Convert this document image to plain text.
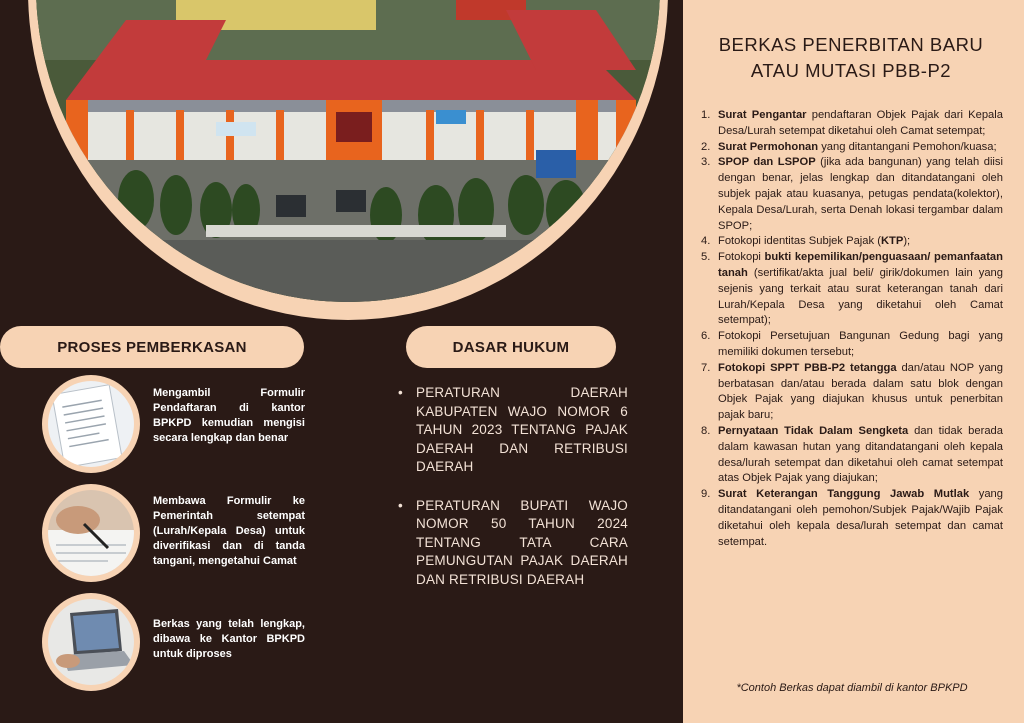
PROSES PEMBERKASAN	DASAR HUKUM
Mengambil Formulir Pendaftaran di kantor BPKPD kemudian mengisi secara lengkap dan benar
Membawa Formulir ke Pemerintah setempat (Lurah/Kepala Desa) untuk diverifikasi dan di tanda tangani, mengetahui Camat
Berkas yang telah lengkap, dibawa ke Kantor BPKPD untuk diproses
• PERATURAN DAERAH KABUPATEN WAJO NOMOR 6 TAHUN 2023 TENTANG PAJAK DAERAH DAN RETRIBUSI DAERAH
• PERATURAN BUPATI WAJO NOMOR 50 TAHUN 2024 TENTANG TATA CARA PEMUNGUTAN PAJAK DAERAH DAN RETRIBUSI DAERAH
BERKAS PENERBITAN BARU ATAU MUTASI PBB-P2
1. Surat Pengantar pendaftaran Objek Pajak dari Kepala Desa/Lurah setempat diketahui oleh Camat setempat;
2. Surat Permohonan yang ditantangani Pemohon/kuasa;
3. SPOP dan LSPOP (jika ada bangunan) yang telah diisi dengan benar, jelas lengkap dan ditandatangani oleh subjek pajak atau kuasanya, petugas pendata(kolektor), Kepala Desa/Lurah, serta Denah lokasi tergambar dalam SPOP;
4. Fotokopi identitas Subjek Pajak (KTP);
5. Fotokopi bukti kepemilikan/penguasaan/ pemanfaatan tanah (sertifikat/akta jual beli/ girik/dokumen lain yang sejenis yang terkait atau surat keterangan tanah dari Lurah/Kepala Desa yang diketahui oleh Camat setempat);
6. Fotokopi Persetujuan Bangunan Gedung bagi yang memiliki dokumen tersebut;
7. Fotokopi SPPT PBB-P2 tetangga dan/atau NOP yang berbatasan dan/atau berada dalam satu blok dengan Objek Pajak yang diajukan khusus untuk penerbitan pajak baru;
8. Pernyataan Tidak Dalam Sengketa dan tidak berada dalam kawasan hutan yang ditandatangani oleh kepala desa/lurah setempat dan diketahui oleh camat setempat atas Objek Pajak yang diajukan;
9. Surat Keterangan Tanggung Jawab Mutlak yang ditandatangani oleh pemohon/Subjek Pajak/Wajib Pajak diketahui oleh kepala desa/lurah setempat dan camat setempat.
*Contoh Berkas dapat diambil di kantor BPKPD
